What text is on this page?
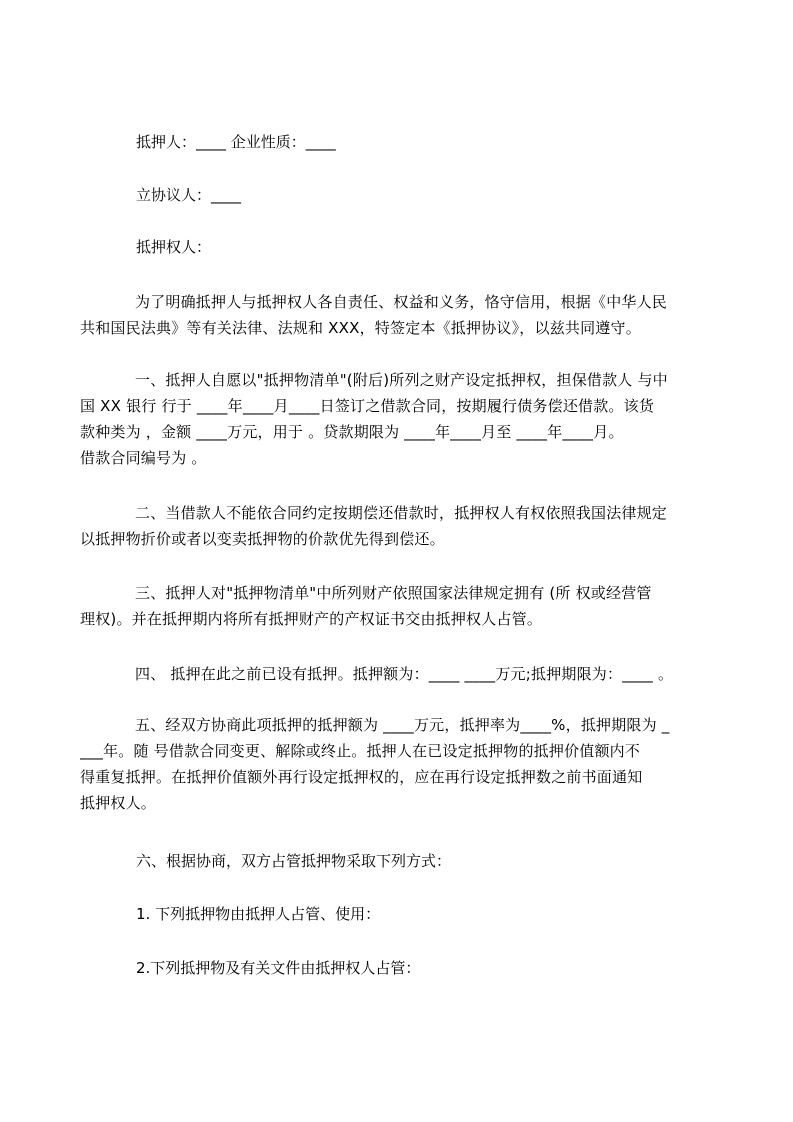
抵押人：____ 企业性质：____
立协议人：____
抵押权人：
为了明确抵押人与抵押权人各自责任、权益和义务，恪守信用，根据《中华人民
共和国民法典》等有关法律、法规和 XXX，特签定本《抵押协议》，以兹共同遵守。
一、抵押人自愿以"抵押物清单"(附后)所列之财产设定抵押权，担保借款人 与中
国 XX 银行 行于 ____年____月____日签订之借款合同，按期履行债务偿还借款。该货
款种类为 ，金额 ____万元，用于 。贷款期限为 ____年____月至 ____年____月。
借款合同编号为 。
二、当借款人不能依合同约定按期偿还借款时，抵押权人有权依照我国法律规定
以抵押物折价或者以变卖抵押物的价款优先得到偿还。
三、抵押人对"抵押物清单"中所列财产依照国家法律规定拥有 (所 权或经营管
理权)。并在抵押期内将所有抵押财产的产权证书交由抵押权人占管。
四、 抵押在此之前已设有抵押。抵押额为：____ ____万元;抵押期限为：____ 。
五、经双方协商此项抵押的抵押额为 ____万元，抵押率为____%，抵押期限为 _
___年。随 号借款合同变更、解除或终止。抵押人在已设定抵押物的抵押价值额内不
得重复抵押。在抵押价值额外再行设定抵押权的，应在再行设定抵押数之前书面通知
抵押权人。
六、根据协商，双方占管抵押物采取下列方式：
1. 下列抵押物由抵押人占管、使用：
2.下列抵押物及有关文件由抵押权人占管：
